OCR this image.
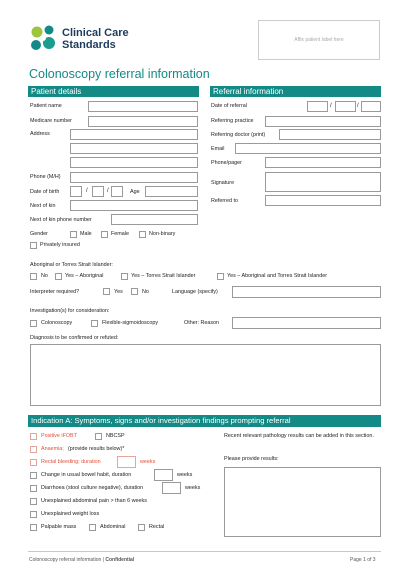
Clinical Care
Standards	Affix patient label here
Colonoscopy referral information
Patient details
Patient name
Medicare number
Address
Phone (M/H)
Date of birth	/	/	Age
Next of kin
Next of kin phone number
Gender	Male	Female	Non-binary
Privately insured
Referral information
Date of referral	/	/
Referring practice
Referring doctor (print)
Email
Phone/pager
Signature
Referred to
Aboriginal or Torres Strait Islander:
No	Yes – Aboriginal	Yes – Torres Strait Islander	Yes – Aboriginal and Torres Strait Islander
Interpreter required?	Yes	No	Language (specify)
Investigation(s) for consideration:
Colonoscopy	Flexible-sigmoidoscopy	Other: Reason
Diagnosis to be confirmed or refuted:
Indication A: Symptoms, signs and/or investigation findings prompting referral
Positive iFOBT	NBCSP
Anaemia; (provide results below)*
Rectal bleeding; duration	weeks
Change in usual bowel habit, duration	weeks
Diarrhoea (stool culture negative), duration	weeks
Unexplained abdominal pain > than 6 weeks
Unexplained weight loss
Palpable mass	Abdominal	Rectal
Recent relevant pathology results can be added in this section.
Please provide results:
Colonoscopy referral information | Confidential	Page 1 of 3
